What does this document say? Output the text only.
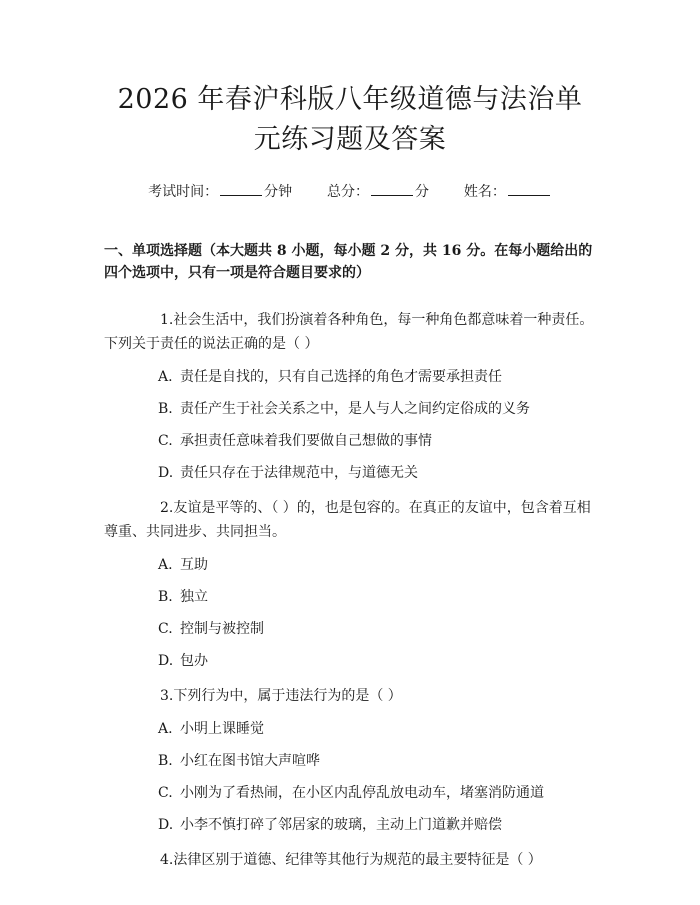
2026 年春沪科版八年级道德与法治单元练习题及答案
考试时间：	分钟 总分：	分 姓名：
一、单项选择题（本大题共 8 小题，每小题 2 分，共 16 分。在每小题给出的四个选项中，只有一项是符合题目要求的）
1.社会生活中，我们扮演着各种角色，每一种角色都意味着一种责任。下列关于责任的说法正确的是（ ）
A. 责任是自找的，只有自己选择的角色才需要承担责任
B. 责任产生于社会关系之中，是人与人之间约定俗成的义务
C. 承担责任意味着我们要做自己想做的事情
D. 责任只存在于法律规范中，与道德无关
2.友谊是平等的、（ ）的，也是包容的。在真正的友谊中，包含着互相尊重、共同进步、共同担当。
A. 互助
B. 独立
C. 控制与被控制
D. 包办
3.下列行为中，属于违法行为的是（ ）
A. 小明上课睡觉
B. 小红在图书馆大声喧哗
C. 小刚为了看热闹，在小区内乱停乱放电动车，堵塞消防通道
D. 小李不慎打碎了邻居家的玻璃，主动上门道歉并赔偿
4.法律区别于道德、纪律等其他行为规范的最主要特征是（ ）
